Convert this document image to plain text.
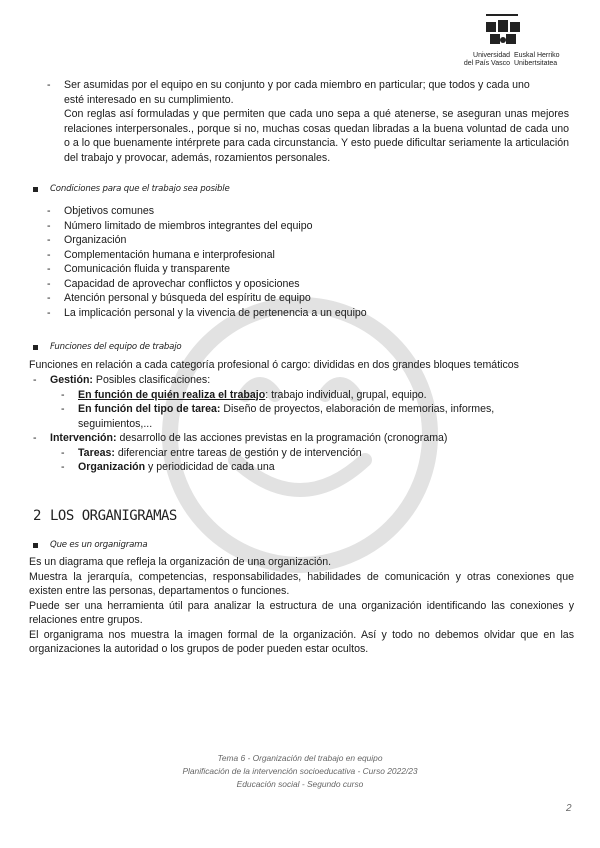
Universidad
del País Vasco
Euskal Herriko
Unibertsitatea
- Ser asumidas por el equipo en su conjunto y por cada miembro en particular; que todos y cada uno
esté interesado en su cumplimiento.
Con reglas así formuladas y que permiten que cada uno sepa a qué atenerse, se aseguran unas mejores relaciones interpersonales., porque si no, muchas cosas quedan libradas a la buena voluntad de cada uno o a lo que buenamente intérprete para cada circunstancia. Y esto puede dificultar seriamente la articulación del trabajo y provocar, además, rozamientos personales.
Condiciones para que el trabajo sea posible
- Objetivos comunes
- Número limitado de miembros integrantes del equipo
- Organización
- Complementación humana e interprofesional
- Comunicación fluida y transparente
- Capacidad de aprovechar conflictos y oposiciones
- Atención personal y búsqueda del espíritu de equipo
- La implicación personal y la vivencia de pertenencia a un equipo
Funciones del equipo de trabajo
Funciones en relación a cada categoría profesional ó cargo: divididas en dos grandes bloques temáticos
- Gestión: Posibles clasificaciones:
- En función de quién realiza el trabajo: trabajo individual, grupal, equipo.
- En función del tipo de tarea: Diseño de proyectos, elaboración de memorias, informes,
seguimientos,...
- Intervención: desarrollo de las acciones previstas en la programación (cronograma)
- Tareas: diferenciar entre tareas de gestión y de intervención
- Organización y periodicidad de cada una
2 LOS ORGANIGRAMAS
Que es un organigrama
Es un diagrama que refleja la organización de una organización.
Muestra la jerarquía, competencias, responsabilidades, habilidades de comunicación y otras conexiones que existen entre las personas, departamentos o funciones.
Puede ser una herramienta útil para analizar la estructura de una organización identificando las conexiones y relaciones entre grupos.
El organigrama nos muestra la imagen formal de la organización. Así y todo no debemos olvidar que en las organizaciones la autoridad o los grupos de poder pueden estar ocultos.
Tema 6 - Organización del trabajo en equipo
Planificación de la intervención socioeducativa - Curso 2022/23
Educación social - Segundo curso
2
